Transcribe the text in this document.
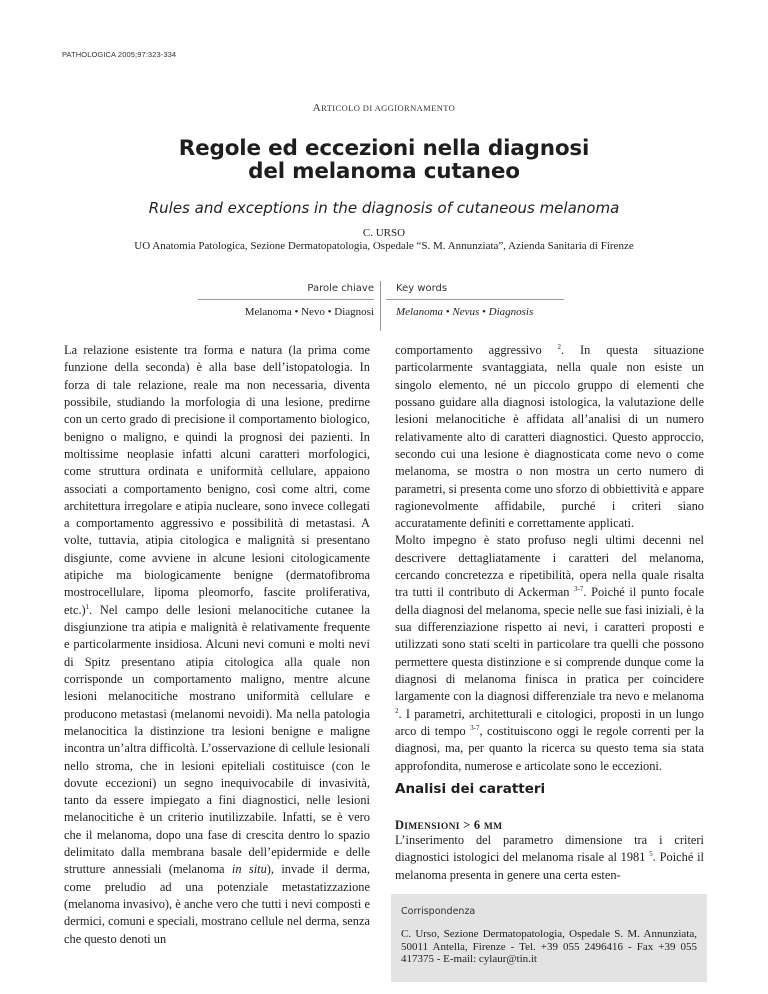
PATHOLOGICA 2005;97:323-334
ARTICOLO DI AGGIORNAMENTO
Regole ed eccezioni nella diagnosi
del melanoma cutaneo
Rules and exceptions in the diagnosis of cutaneous melanoma
C. URSO
UO Anatomia Patologica, Sezione Dermatopatologia, Ospedale “S. M. Annunziata”, Azienda Sanitaria di Firenze
Parole chiave Key words
Melanoma • Nevo • Diagnosi Melanoma • Nevus • Diagnosis

La relazione esistente tra forma e natura (la prima come funzione della seconda) è alla base dell’istopatologia. In forza di tale relazione, reale ma non necessaria, diventa possibile, studiando la morfologia di una lesione, predirne con un certo grado di precisione il comportamento biologico, benigno o maligno, e quindi la prognosi dei pazienti. In moltissime neoplasie infatti alcuni caratteri morfologici, come struttura ordinata e uniformità cellulare, appaiono associati a comportamento benigno, così come altri, come architettura irregolare e atipia nucleare, sono invece collegati a comportamento aggressivo e possibilità di metastasi. A volte, tuttavia, atipia citologica e malignità si presentano disgiunte, come avviene in alcune lesioni citologicamente atipiche ma biologicamente benigne (dermatofibroma mostrocellulare, lipoma pleomorfo, fascite proliferativa, etc.)$^1$. Nel campo delle lesioni melanocitiche cutanee la disgiunzione tra atipia e malignità è relativamente frequente e particolarmente insidiosa. Alcuni nevi comuni e molti nevi di Spitz presentano atipia citologica alla quale non corrisponde un comportamento maligno, mentre alcune lesioni melanocitiche mostrano uniformità cellulare e producono metastasi (melanomi nevoidi). Ma nella patologia melanocitica la distinzione tra lesioni benigne e maligne incontra un’altra difficoltà. L’osservazione di cellule lesionali nello stroma, che in lesioni epiteliali costituisce (con le dovute eccezioni) un segno inequivocabile di invasività, tanto da essere impiegato a fini diagnostici, nelle lesioni melanocitiche è un criterio inutilizzabile. Infatti, se è vero che il melanoma, dopo una fase di crescita dentro lo spazio delimitato dalla membrana basale dell’epidermide e delle strutture annessiali (melanoma in situ), invade il derma, come preludio ad una potenziale metastatizzazione (melanoma invasivo), è anche vero che tutti i nevi composti e dermici, comuni e speciali, mostrano cellule nel derma, senza che questo denoti un

comportamento aggressivo $^2$. In questa situazione particolarmente svantaggiata, nella quale non esiste un singolo elemento, né un piccolo gruppo di elementi che possano guidare alla diagnosi istologica, la valutazione delle lesioni melanocitiche è affidata all’analisi di un numero relativamente alto di caratteri diagnostici. Questo approccio, secondo cui una lesione è diagnosticata come nevo o come melanoma, se mostra o non mostra un certo numero di parametri, si presenta come uno sforzo di obbiettività e appare ragionevolmente affidabile, purché i criteri siano accuratamente definiti e correttamente applicati.

Molto impegno è stato profuso negli ultimi decenni nel descrivere dettagliatamente i caratteri del melanoma, cercando concretezza e ripetibilità, opera nella quale risalta tra tutti il contributo di Ackerman $^{3-7}$. Poiché il punto focale della diagnosi del melanoma, specie nelle sue fasi iniziali, è la sua differenziazione rispetto ai nevi, i caratteri proposti e utilizzati sono stati scelti in particolare tra quelli che possono permettere questa distinzione e si comprende dunque come la diagnosi di melanoma finisca in pratica per coincidere largamente con la diagnosi differenziale tra nevo e melanoma $^2$. I parametri, architetturali e citologici, proposti in un lungo arco di tempo $^{3-7}$, costituiscono oggi le regole correnti per la diagnosi, ma, per quanto la ricerca su questo tema sia stata approfondita, numerose e articolate sono le eccezioni.

Analisi dei caratteri
DIMENSIONI > 6 MM

L’inserimento del parametro dimensione tra i criteri diagnostici istologici del melanoma risale al 1981 $^5$. Poiché il melanoma presenta in genere una certa esten-

Corrispondenza
C. Urso, Sezione Dermatopatologia, Ospedale S. M. Annunziata, 50011 Antella, Firenze - Tel. +39 055 2496416 - Fax +39 055 417375 - E-mail: cylaur@tin.it
